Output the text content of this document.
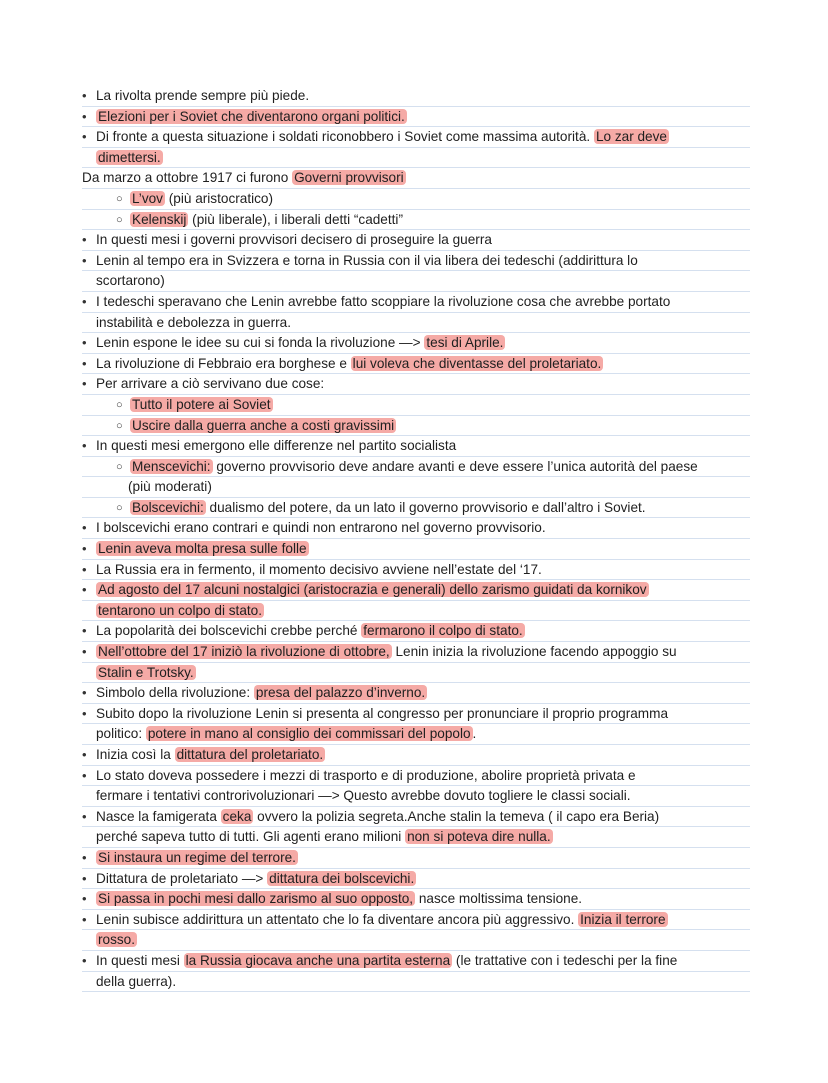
• La rivolta prende sempre più piede.
• Elezioni per i Soviet che diventarono organi politici.
• Di fronte a questa situazione i soldati riconobbero i Soviet come massima autorità. Lo zar deve
dimettersi.
Da marzo a ottobre 1917 ci furono Governi provvisori
○ L’vov (più aristocratico)
○ Kelenskij (più liberale), i liberali detti “cadetti”
• In questi mesi i governi provvisori decisero di proseguire la guerra
• Lenin al tempo era in Svizzera e torna in Russia con il via libera dei tedeschi (addirittura lo
scortarono)
• I tedeschi speravano che Lenin avrebbe fatto scoppiare la rivoluzione cosa che avrebbe portato
instabilità e debolezza in guerra.
• Lenin espone le idee su cui si fonda la rivoluzione —> tesi di Aprile.
• La rivoluzione di Febbraio era borghese e lui voleva che diventasse del proletariato.
• Per arrivare a ciò servivano due cose:
○ Tutto il potere ai Soviet
○ Uscire dalla guerra anche a costi gravissimi
• In questi mesi emergono elle differenze nel partito socialista
○ Menscevichi: governo provvisorio deve andare avanti e deve essere l’unica autorità del paese
(più moderati)
○ Bolscevichi: dualismo del potere, da un lato il governo provvisorio e dall’altro i Soviet.
• I bolscevichi erano contrari e quindi non entrarono nel governo provvisorio.
• Lenin aveva molta presa sulle folle
• La Russia era in fermento, il momento decisivo avviene nell’estate del ‘17.
• Ad agosto del 17 alcuni nostalgici (aristocrazia e generali) dello zarismo guidati da kornikov
tentarono un colpo di stato.
• La popolarità dei bolscevichi crebbe perché fermarono il colpo di stato.
• Nell’ottobre del 17 iniziò la rivoluzione di ottobre, Lenin inizia la rivoluzione facendo appoggio su
Stalin e Trotsky.
• Simbolo della rivoluzione: presa del palazzo d’inverno.
• Subito dopo la rivoluzione Lenin si presenta al congresso per pronunciare il proprio programma
politico: potere in mano al consiglio dei commissari del popolo .
• Inizia così la dittatura del proletariato.
• Lo stato doveva possedere i mezzi di trasporto e di produzione, abolire proprietà privata e
fermare i tentativi controrivoluzionari —> Questo avrebbe dovuto togliere le classi sociali.
• Nasce la famigerata ceka ovvero la polizia segreta.Anche stalin la temeva ( il capo era Beria)
perché sapeva tutto di tutti. Gli agenti erano milioni non si poteva dire nulla.
• Si instaura un regime del terrore.
• Dittatura de proletariato —> dittatura dei bolscevichi.
• Si passa in pochi mesi dallo zarismo al suo opposto, nasce moltissima tensione.
• Lenin subisce addirittura un attentato che lo fa diventare ancora più aggressivo. Inizia il terrore
rosso.
• In questi mesi la Russia giocava anche una partita esterna (le trattative con i tedeschi per la fine
della guerra).
